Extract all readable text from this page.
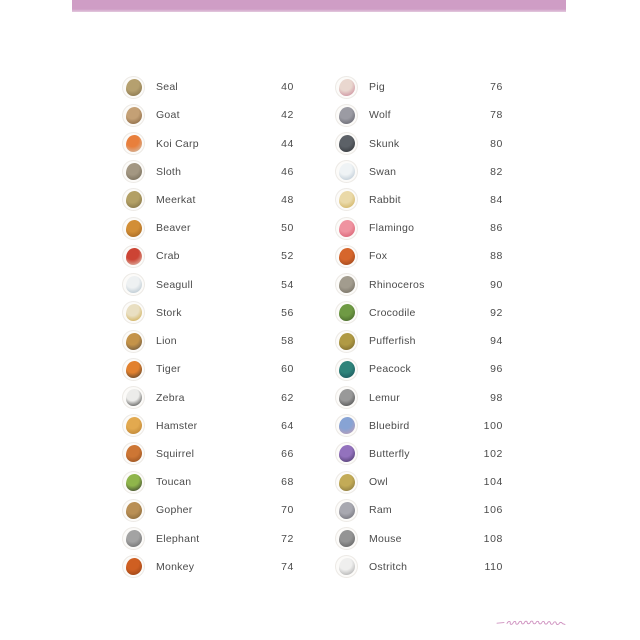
Seal	40
Goat	42
Koi Carp	44
Sloth	46
Meerkat	48
Beaver	50
Crab	52
Seagull	54
Stork	56
Lion	58
Tiger	60
Zebra	62
Hamster	64
Squirrel	66
Toucan	68
Gopher	70
Elephant	72
Monkey	74
Pig	76
Wolf	78
Skunk	80
Swan	82
Rabbit	84
Flamingo	86
Fox	88
Rhinoceros	90
Crocodile	92
Pufferfish	94
Peacock	96
Lemur	98
Bluebird	100
Butterfly	102
Owl	104
Ram	106
Mouse	108
Ostritch	110
